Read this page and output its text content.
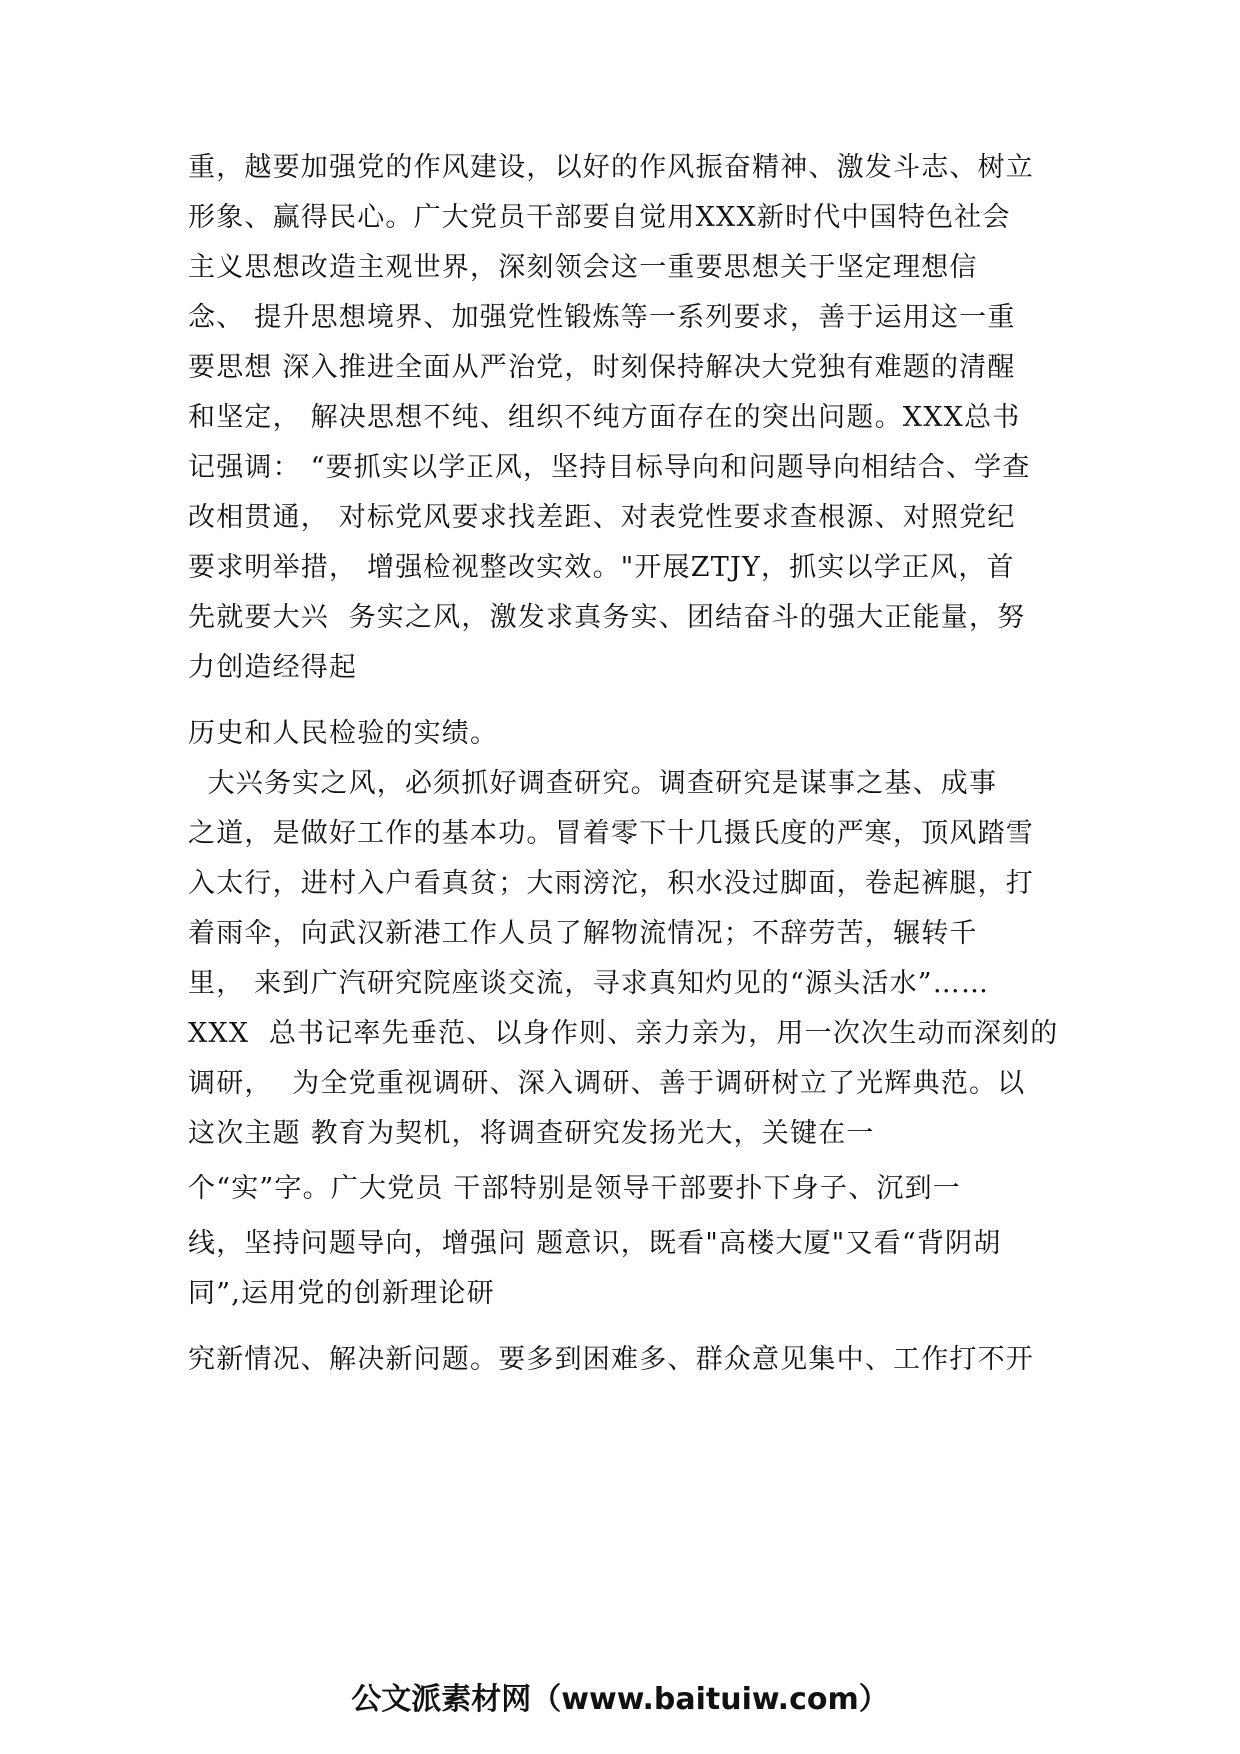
重，越要加强党的作风建设，以好的作风振奋精神、激发斗志、树立
形象、赢得民心。广大党员干部要自觉用XXX新时代中国特色社会
主义思想改造主观世界，深刻领会这一重要思想关于坚定理想信
念、 提升思想境界、加强党性锻炼等一系列要求，善于运用这一重
要思想 深入推进全面从严治党，时刻保持解决大党独有难题的清醒
和坚定， 解决思想不纯、组织不纯方面存在的突出问题。XXX总书
记强调： “要抓实以学正风，坚持目标导向和问题导向相结合、学查
改相贯通， 对标党风要求找差距、对表党性要求查根源、对照党纪
要求明举措， 增强检视整改实效。"开展ZTJY，抓实以学正风，首
先就要大兴  务实之风，激发求真务实、团结奋斗的强大正能量，努
力创造经得起
历史和人民检验的实绩。
大兴务实之风，必须抓好调查研究。调查研究是谋事之基、成事
之道，是做好工作的基本功。冒着零下十几摄氏度的严寒，顶风踏雪
入太行，进村入户看真贫；大雨滂沱，积水没过脚面，卷起裤腿，打
着雨伞，向武汉新港工作人员了解物流情况；不辞劳苦，辗转千
里， 来到广汽研究院座谈交流，寻求真知灼见的“源头活水”……
XXX  总书记率先垂范、以身作则、亲力亲为，用一次次生动而深刻的
调研，  为全党重视调研、深入调研、善于调研树立了光辉典范。以
这次主题 教育为契机，将调查研究发扬光大，关键在一
个“实”字。广大党员 干部特别是领导干部要扑下身子、沉到一
线，坚持问题导向，增强问 题意识，既看"高楼大厦"又看“背阴胡
同”,运用党的创新理论研
究新情况、解决新问题。要多到困难多、群众意见集中、工作打不开
公文派素材网（www.baituiw.com）
